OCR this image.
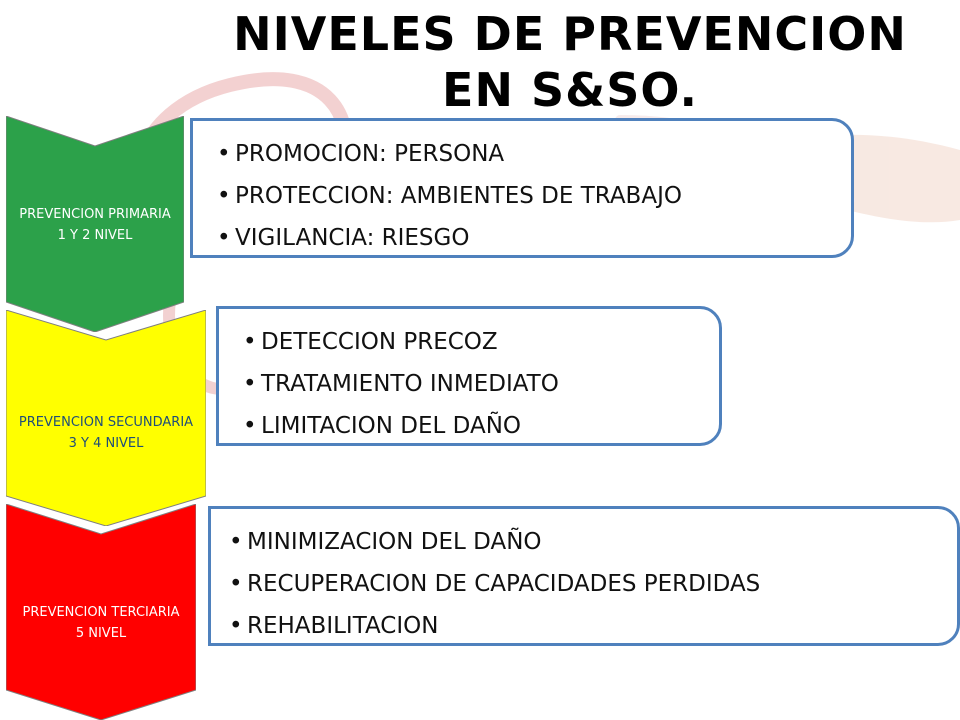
NIVELES DE PREVENCION EN S&SO.
PREVENCION PRIMARIA
1 Y 2 NIVEL
• PROMOCION: PERSONA
• PROTECCION: AMBIENTES DE TRABAJO
• VIGILANCIA: RIESGO
PREVENCION SECUNDARIA
3 Y 4 NIVEL
• DETECCION PRECOZ
• TRATAMIENTO INMEDIATO
• LIMITACION DEL DAÑO
PREVENCION TERCIARIA
5 NIVEL
• MINIMIZACION DEL DAÑO
• RECUPERACION DE CAPACIDADES PERDIDAS
• REHABILITACION
